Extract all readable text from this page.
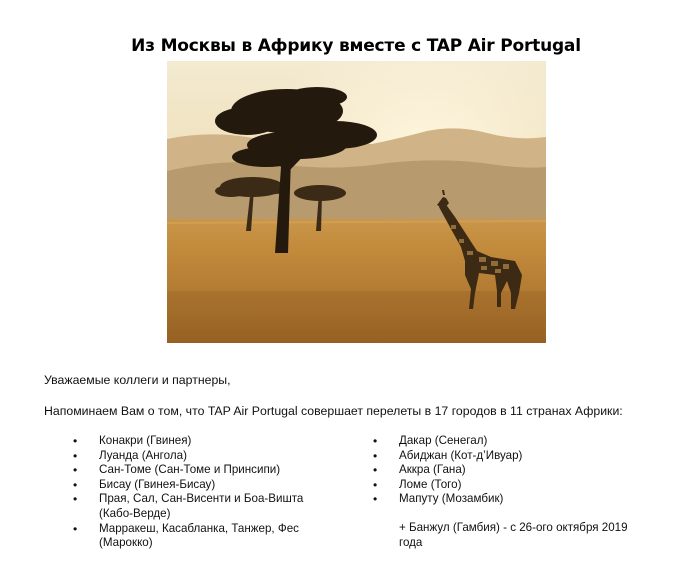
Из Москвы в Африку вместе с TAP Air Portugal
Уважаемые коллеги и партнеры,
Напоминаем Вам о том, что TAP Air Portugal совершает перелеты в 17 городов в 11 странах Африки:
• Конакри (Гвинея)
• Луанда (Ангола)
• Сан-Томе (Сан-Томе и Принсипи)
• Бисау (Гвинея-Бисау)
• Прая, Сал, Сан-Висенти и Боа-Вишта (Кабо-Верде)
• Марракеш, Касабланка, Танжер, Фес (Марокко)
• Дакар (Сенегал)
• Абиджан (Кот-д’Ивуар)
• Аккра (Гана)
• Ломе (Того)
• Мапуту (Мозамбик)
+ Банжул (Гамбия) - с 26-ого октября 2019 года
